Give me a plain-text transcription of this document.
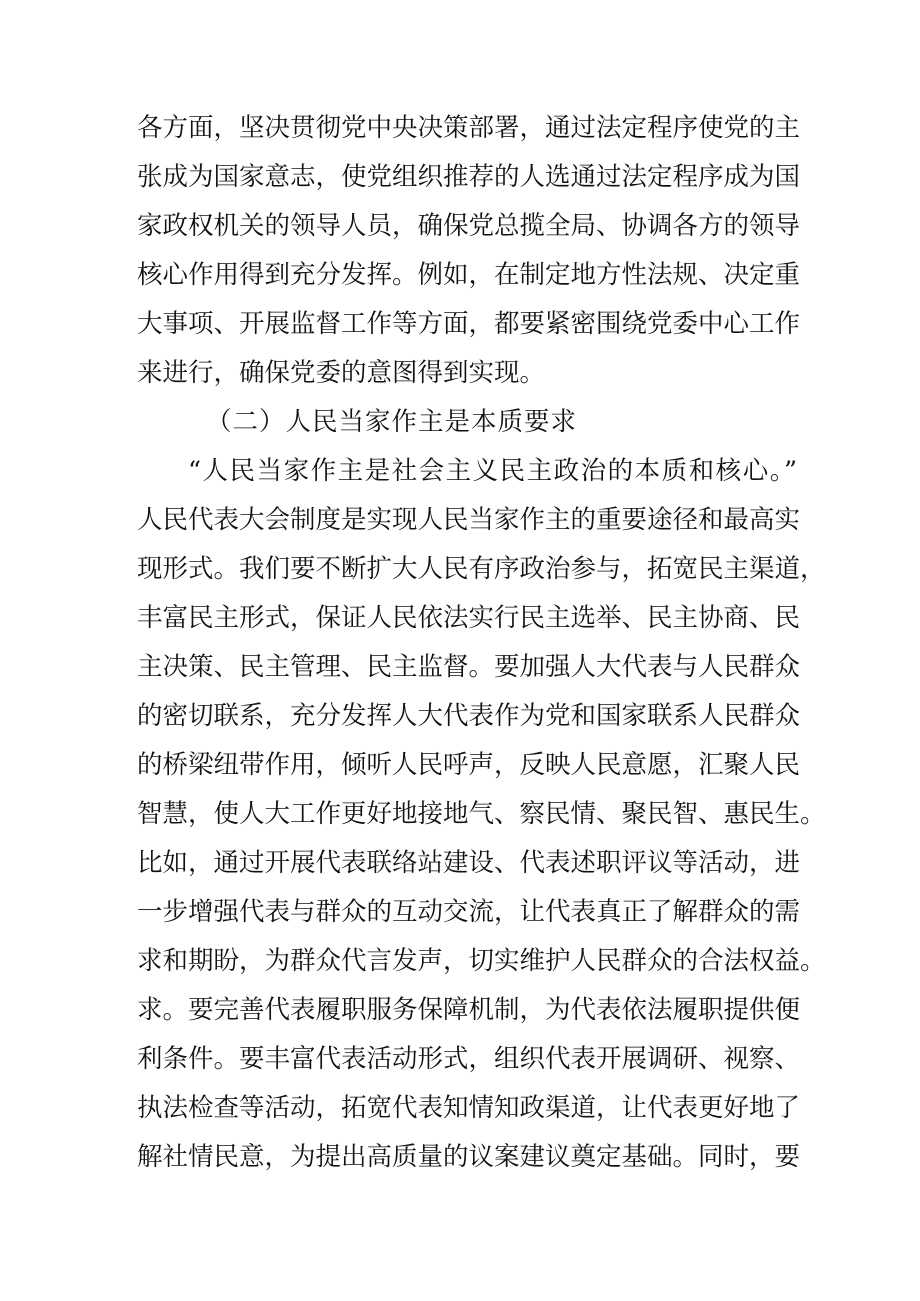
各方面，坚决贯彻党中央决策部署，通过法定程序使党的主
张成为国家意志，使党组织推荐的人选通过法定程序成为国
家政权机关的领导人员，确保党总揽全局、协调各方的领导
核心作用得到充分发挥。例如，在制定地方性法规、决定重
大事项、开展监督工作等方面，都要紧密围绕党委中心工作
来进行，确保党委的意图得到实现。
（二）人民当家作主是本质要求
“人民当家作主是社会主义民主政治的本质和核心。”
人民代表大会制度是实现人民当家作主的重要途径和最高实
现形式。我们要不断扩大人民有序政治参与，拓宽民主渠道，
丰富民主形式，保证人民依法实行民主选举、民主协商、民
主决策、民主管理、民主监督。要加强人大代表与人民群众
的密切联系，充分发挥人大代表作为党和国家联系人民群众
的桥梁纽带作用，倾听人民呼声，反映人民意愿，汇聚人民
智慧，使人大工作更好地接地气、察民情、聚民智、惠民生。
比如，通过开展代表联络站建设、代表述职评议等活动，进
一步增强代表与群众的互动交流，让代表真正了解群众的需
求和期盼，为群众代言发声，切实维护人民群众的合法权益。
求。要完善代表履职服务保障机制，为代表依法履职提供便
利条件。要丰富代表活动形式，组织代表开展调研、视察、
执法检查等活动，拓宽代表知情知政渠道，让代表更好地了
解社情民意，为提出高质量的议案建议奠定基础。同时，要
